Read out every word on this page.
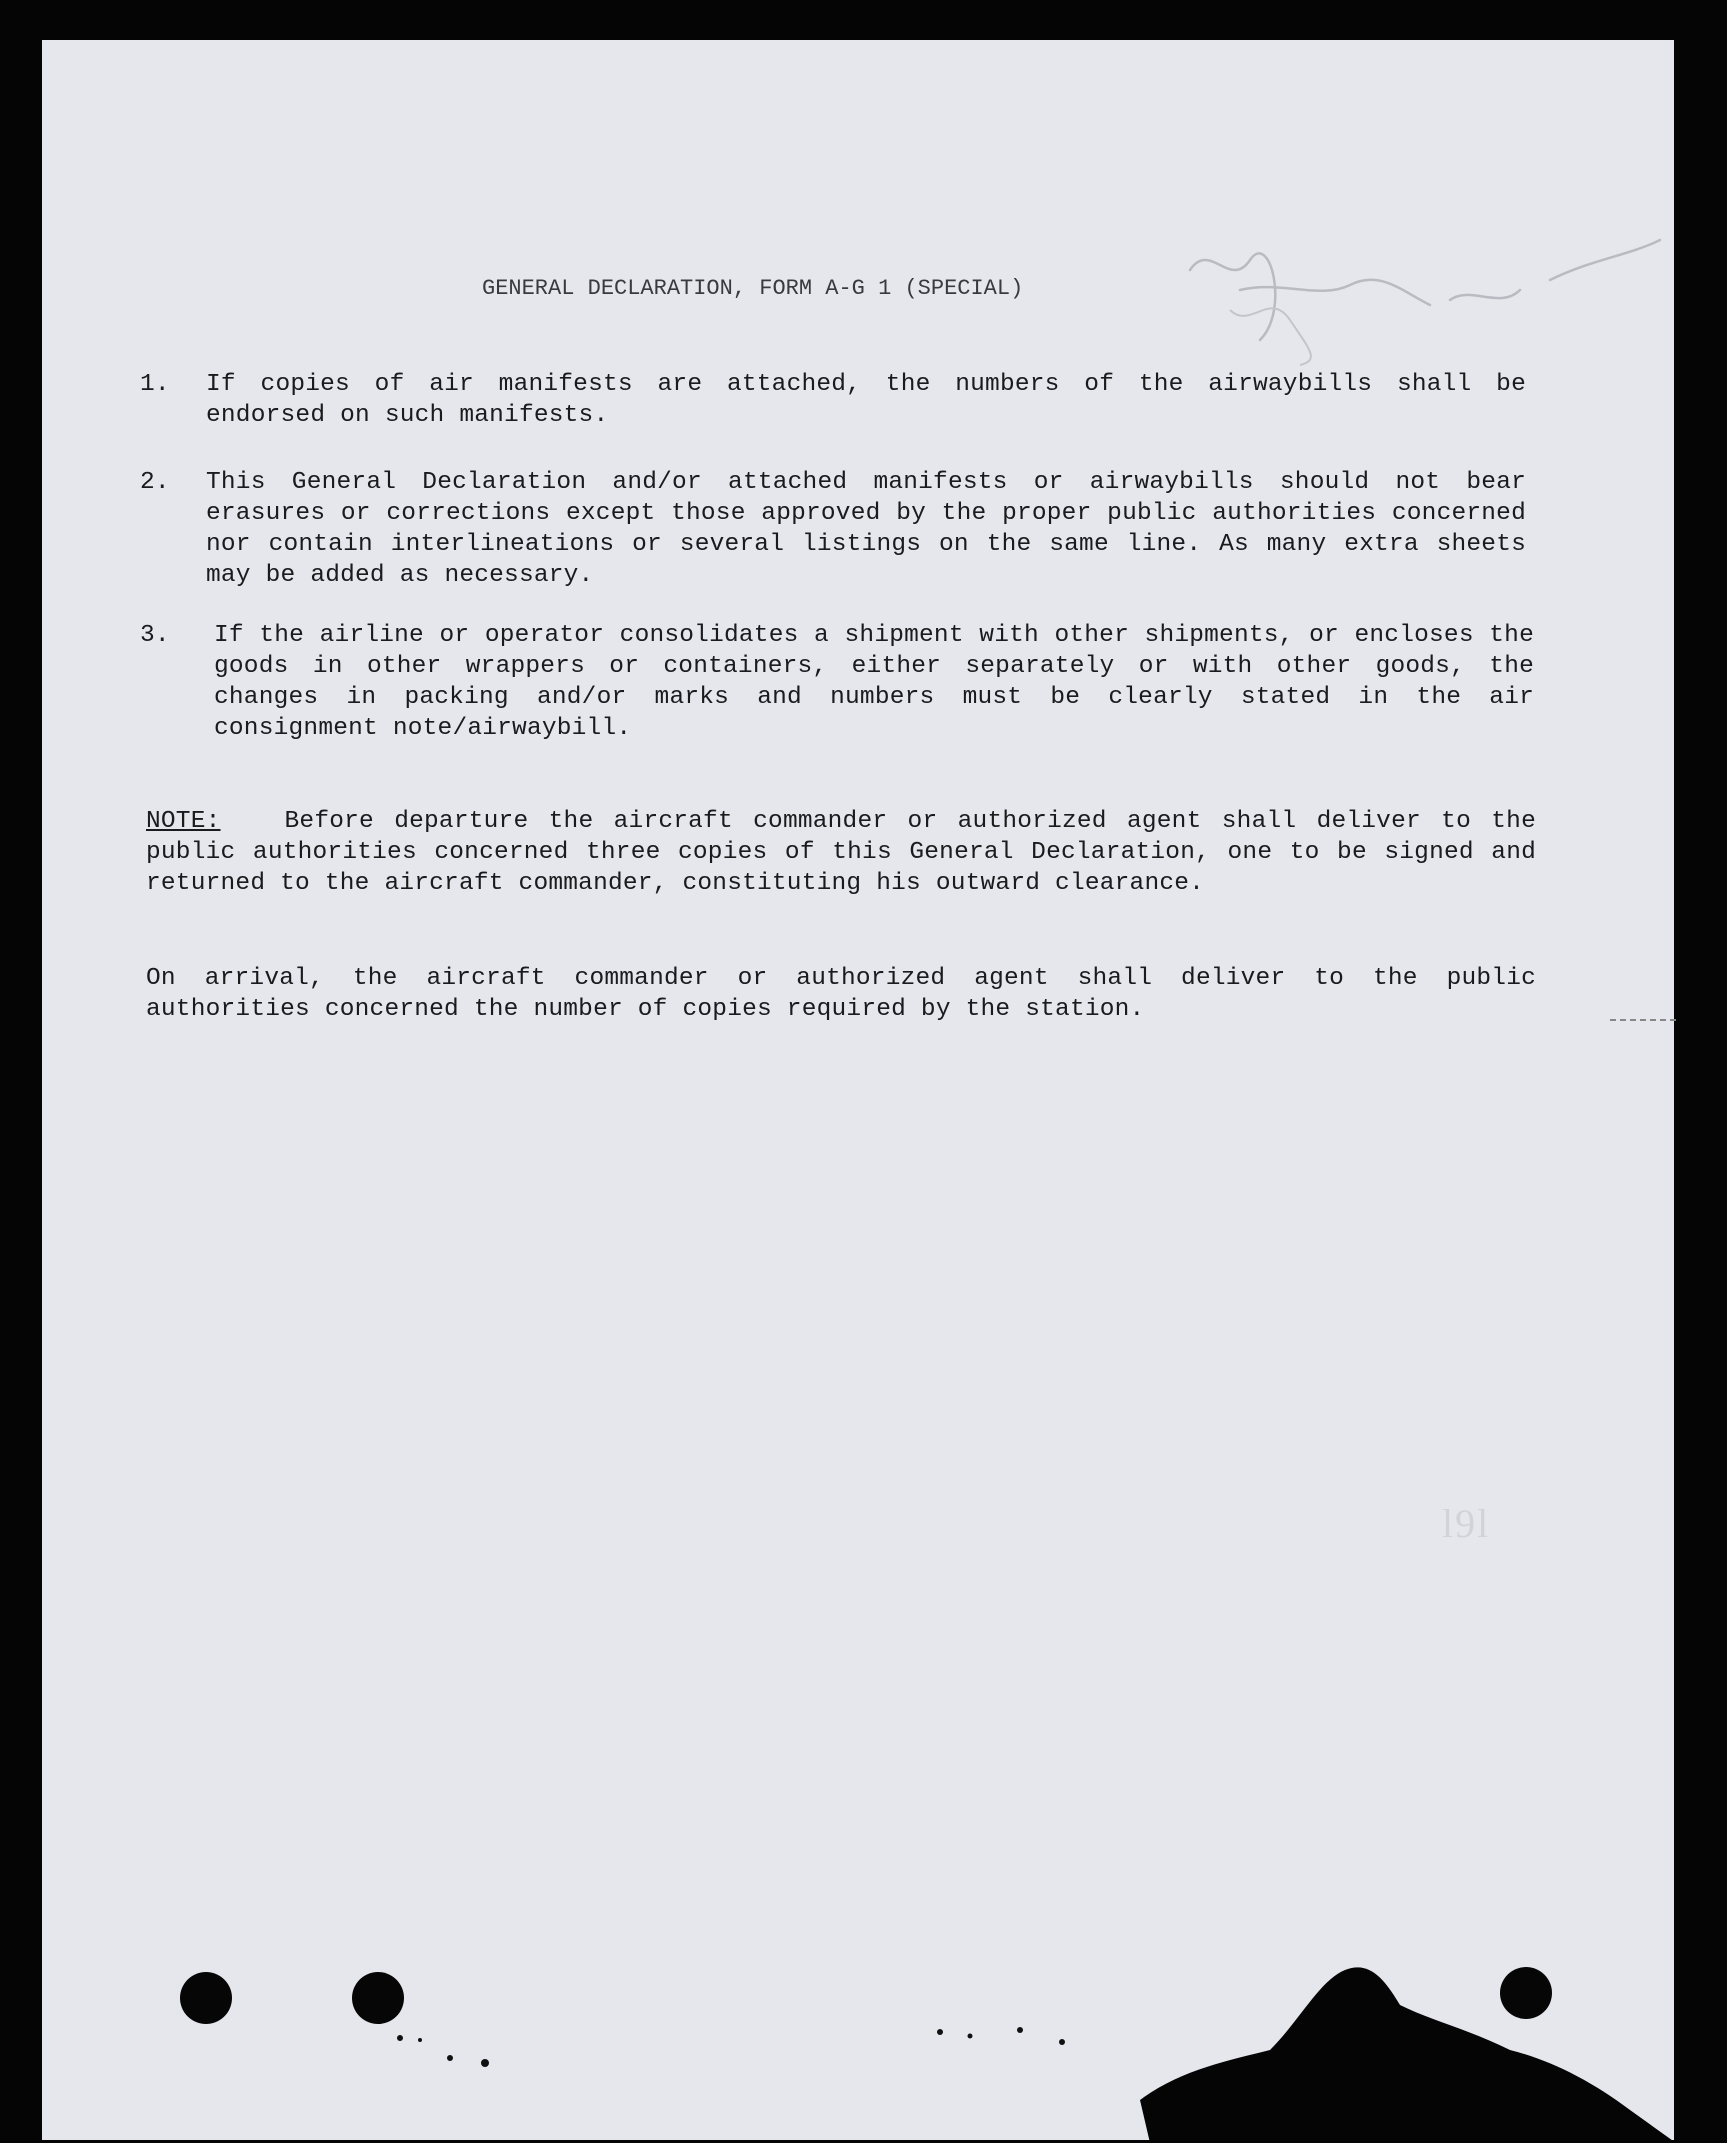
l9l
GENERAL DECLARATION, FORM A-G 1 (SPECIAL)
1.	If copies of air manifests are attached, the numbers of the airwaybills shall be endorsed on such manifests.
2.	This General Declaration and/or attached manifests or airwaybills should not bear erasures or corrections except those approved by the proper public authorities concerned nor contain interlineations or several listings on the same line. As many extra sheets may be added as necessary.
3.	If the airline or operator consolidates a shipment with other shipments, or encloses the goods in other wrappers or containers, either separately or with other goods, the changes in packing and/or marks and numbers must be clearly stated in the air consignment note/airwaybill.
NOTE:	Before departure the aircraft commander or authorized agent shall deliver to the public authorities concerned three copies of this General Declaration, one to be signed and returned to the aircraft commander, constituting his outward clearance.
On arrival, the aircraft commander or authorized agent shall deliver to the public authorities concerned the number of copies required by the station.
